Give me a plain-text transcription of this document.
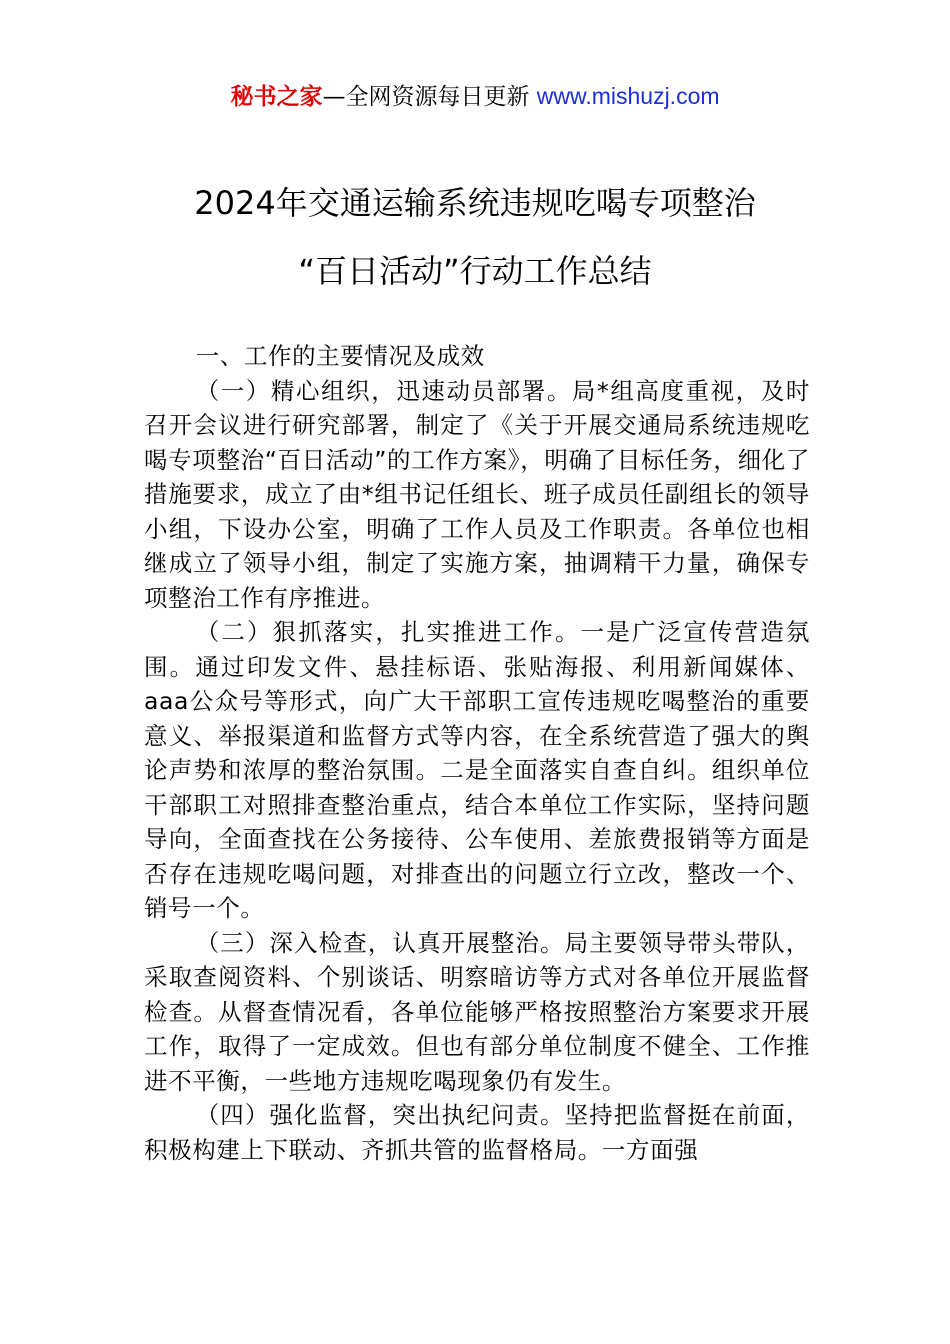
秘书之家—全网资源每日更新 www.mishuzj.com
2024年交通运输系统违规吃喝专项整治
“百日活动”行动工作总结

一、工作的主要情况及成效

（一）精心组织，迅速动员部署。局*组高度重视，及时召开会议进行研究部署，制定了《关于开展交通局系统违规吃喝专项整治“百日活动”的工作方案》，明确了目标任务，细化了措施要求，成立了由*组书记任组长、班子成员任副组长的领导小组，下设办公室，明确了工作人员及工作职责。各单位也相继成立了领导小组，制定了实施方案，抽调精干力量，确保专项整治工作有序推进。

（二）狠抓落实，扎实推进工作。一是广泛宣传营造氛围。通过印发文件、悬挂标语、张贴海报、利用新闻媒体、aaa公众号等形式，向广大干部职工宣传违规吃喝整治的重要意义、举报渠道和监督方式等内容，在全系统营造了强大的舆论声势和浓厚的整治氛围。二是全面落实自查自纠。组织单位干部职工对照排查整治重点，结合本单位工作实际，坚持问题导向，全面查找在公务接待、公车使用、差旅费报销等方面是否存在违规吃喝问题，对排查出的问题立行立改，整改一个、销号一个。

（三）深入检查，认真开展整治。局主要领导带头带队，采取查阅资料、个别谈话、明察暗访等方式对各单位开展监督检查。从督查情况看，各单位能够严格按照整治方案要求开展工作，取得了一定成效。但也有部分单位制度不健全、工作推进不平衡，一些地方违规吃喝现象仍有发生。

（四）强化监督，突出执纪问责。坚持把监督挺在前面，积极构建上下联动、齐抓共管的监督格局。一方面强
